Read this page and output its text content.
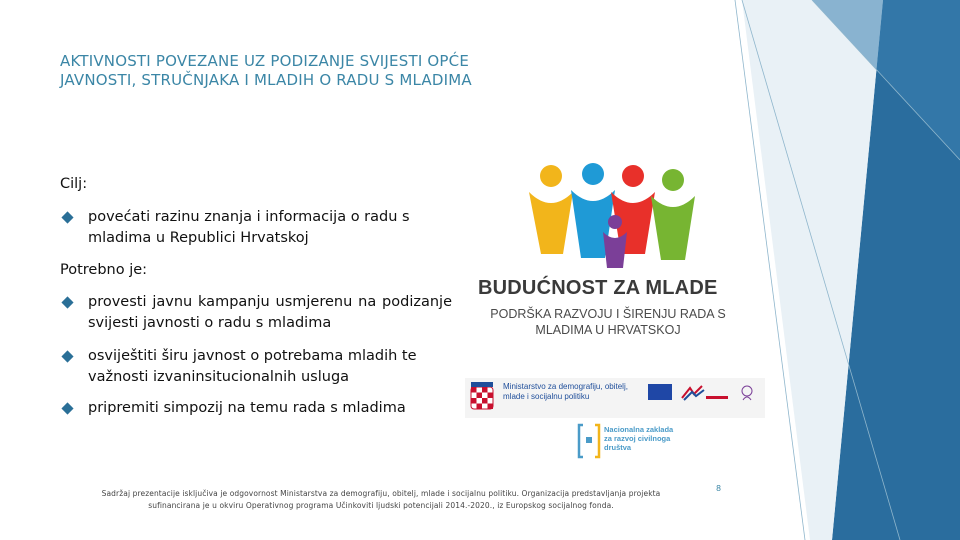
AKTIVNOSTI POVEZANE UZ PODIZANJE SVIJESTI OPĆE JAVNOSTI, STRUČNJAKA I MLADIH O RADU S MLADIMA
Cilj:
povećati razinu znanja i informacija o radu s mladima u Republici Hrvatskoj
Potrebno je:
provesti javnu kampanju usmjerenu na podizanje svijesti javnosti o radu s mladima
osviještiti širu javnost o potrebama mladih te važnosti izvaninsitucionalnih usluga
pripremiti simpozij na temu rada s mladima
BUDUĆNOST ZA MLADE
PODRŠKA RAZVOJU I ŠIRENJU RADA S MLADIMA U HRVATSKOJ
Ministarstvo za demografiju, obitelj, mlade i socijalnu politiku
Nacionalna zaklada za razvoj civilnoga društva
Sadržaj prezentacije isključiva je odgovornost Ministarstva za demografiju, obitelj, mlade i socijalnu politiku. Organizacija predstavljanja projekta sufinancirana je u okviru Operativnog programa Učinkoviti ljudski potencijali 2014.-2020., iz Europskog socijalnog fonda.
8
